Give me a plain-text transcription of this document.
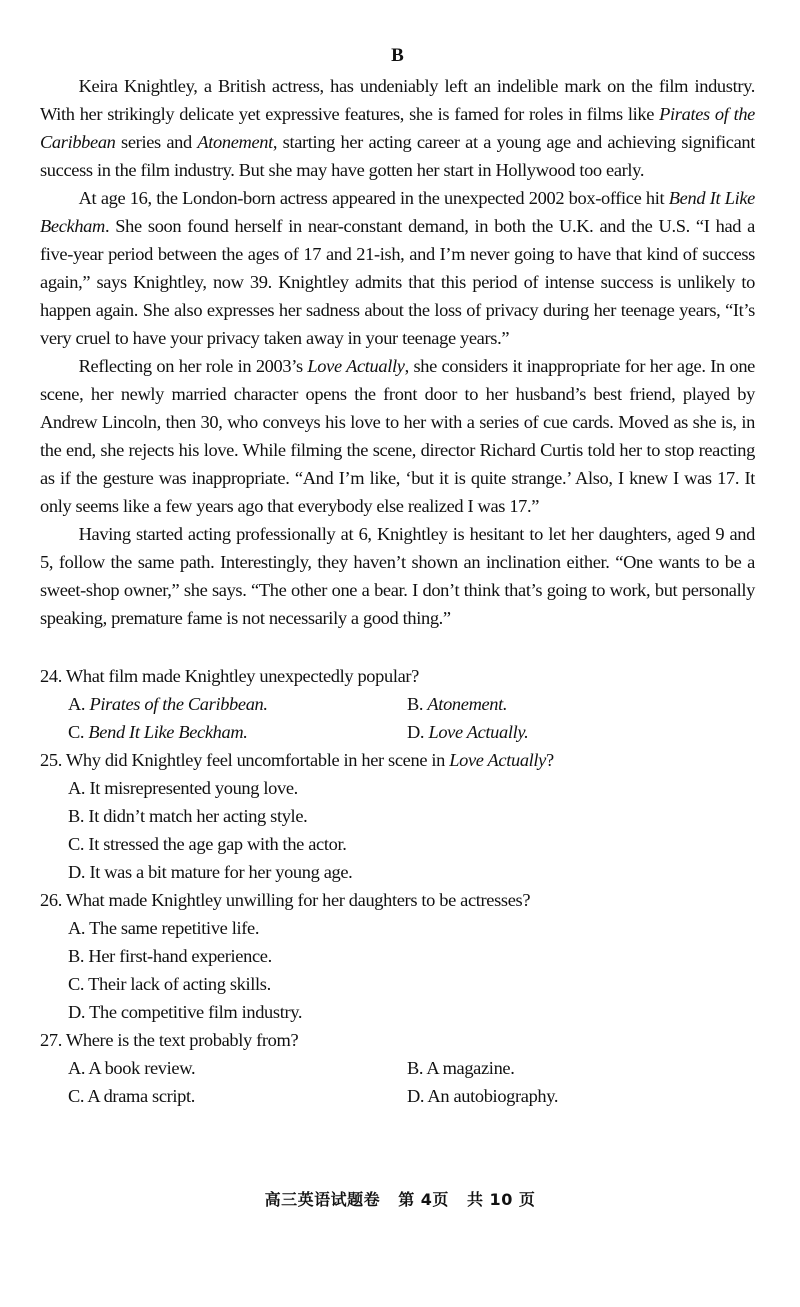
B

Keira Knightley, a British actress, has undeniably left an indelible mark on the film industry. With her strikingly delicate yet expressive features, she is famed for roles in films like Pirates of the Caribbean series and Atonement, starting her acting career at a young age and achieving significant success in the film industry. But she may have gotten her start in Hollywood too early.

At age 16, the London-born actress appeared in the unexpected 2002 box-office hit Bend It Like Beckham. She soon found herself in near-constant demand, in both the U.K. and the U.S. “I had a five-year period between the ages of 17 and 21-ish, and I’m never going to have that kind of success again,” says Knightley, now 39. Knightley admits that this period of intense success is unlikely to happen again. She also expresses her sadness about the loss of privacy during her teenage years, “It’s very cruel to have your privacy taken away in your teenage years.”

Reflecting on her role in 2003’s Love Actually, she considers it inappropriate for her age. In one scene, her newly married character opens the front door to her husband’s best friend, played by Andrew Lincoln, then 30, who conveys his love to her with a series of cue cards. Moved as she is, in the end, she rejects his love. While filming the scene, director Richard Curtis told her to stop reacting as if the gesture was inappropriate. “And I’m like, ‘but it is quite strange.’ Also, I knew I was 17. It only seems like a few years ago that everybody else realized I was 17.”

Having started acting professionally at 6, Knightley is hesitant to let her daughters, aged 9 and 5, follow the same path. Interestingly, they haven’t shown an inclination either. “One wants to be a sweet-shop owner,” she says. “The other one a bear. I don’t think that’s going to work, but personally speaking, premature fame is not necessarily a good thing.”

24. What film made Knightley unexpectedly popular?

A. Pirates of the Caribbean.	B. Atonement.
C. Bend It Like Beckham.	D. Love Actually.

25. Why did Knightley feel uncomfortable in her scene in Love Actually?

A. It misrepresented young love.
B. It didn’t match her acting style.
C. It stressed the age gap with the actor.
D. It was a bit mature for her young age.

26. What made Knightley unwilling for her daughters to be actresses?

A. The same repetitive life.
B. Her first-hand experience.
C. Their lack of acting skills.
D. The competitive film industry.

27. Where is the text probably from?

A. A book review.	B. A magazine.
C. A drama script.	D. An autobiography.
高三英语试题卷 第 4页 共 10 页
